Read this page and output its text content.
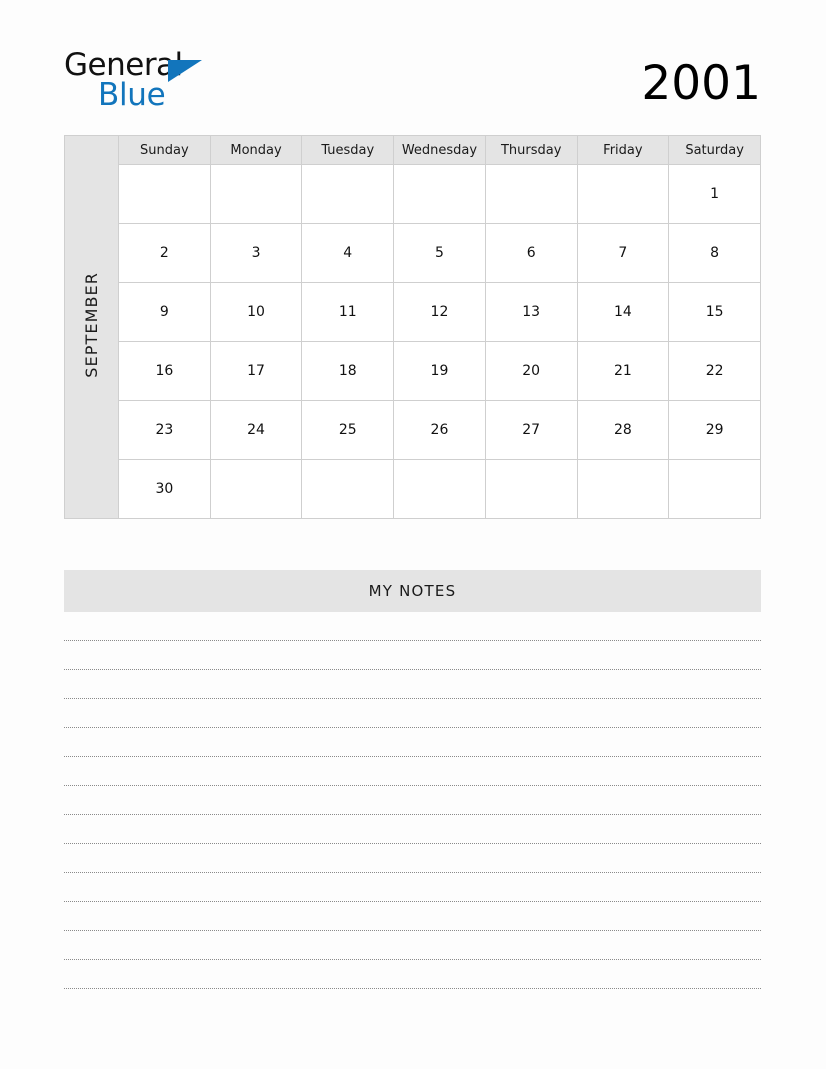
General
Blue	2001
SEPTEMBER	Sunday	Monday	Tuesday	Wednesday	Thursday	Friday	Saturday
							1
	2	3	4	5	6	7	8
	9	10	11	12	13	14	15
	16	17	18	19	20	21	22
	23	24	25	26	27	28	29
	30						
MY NOTES
